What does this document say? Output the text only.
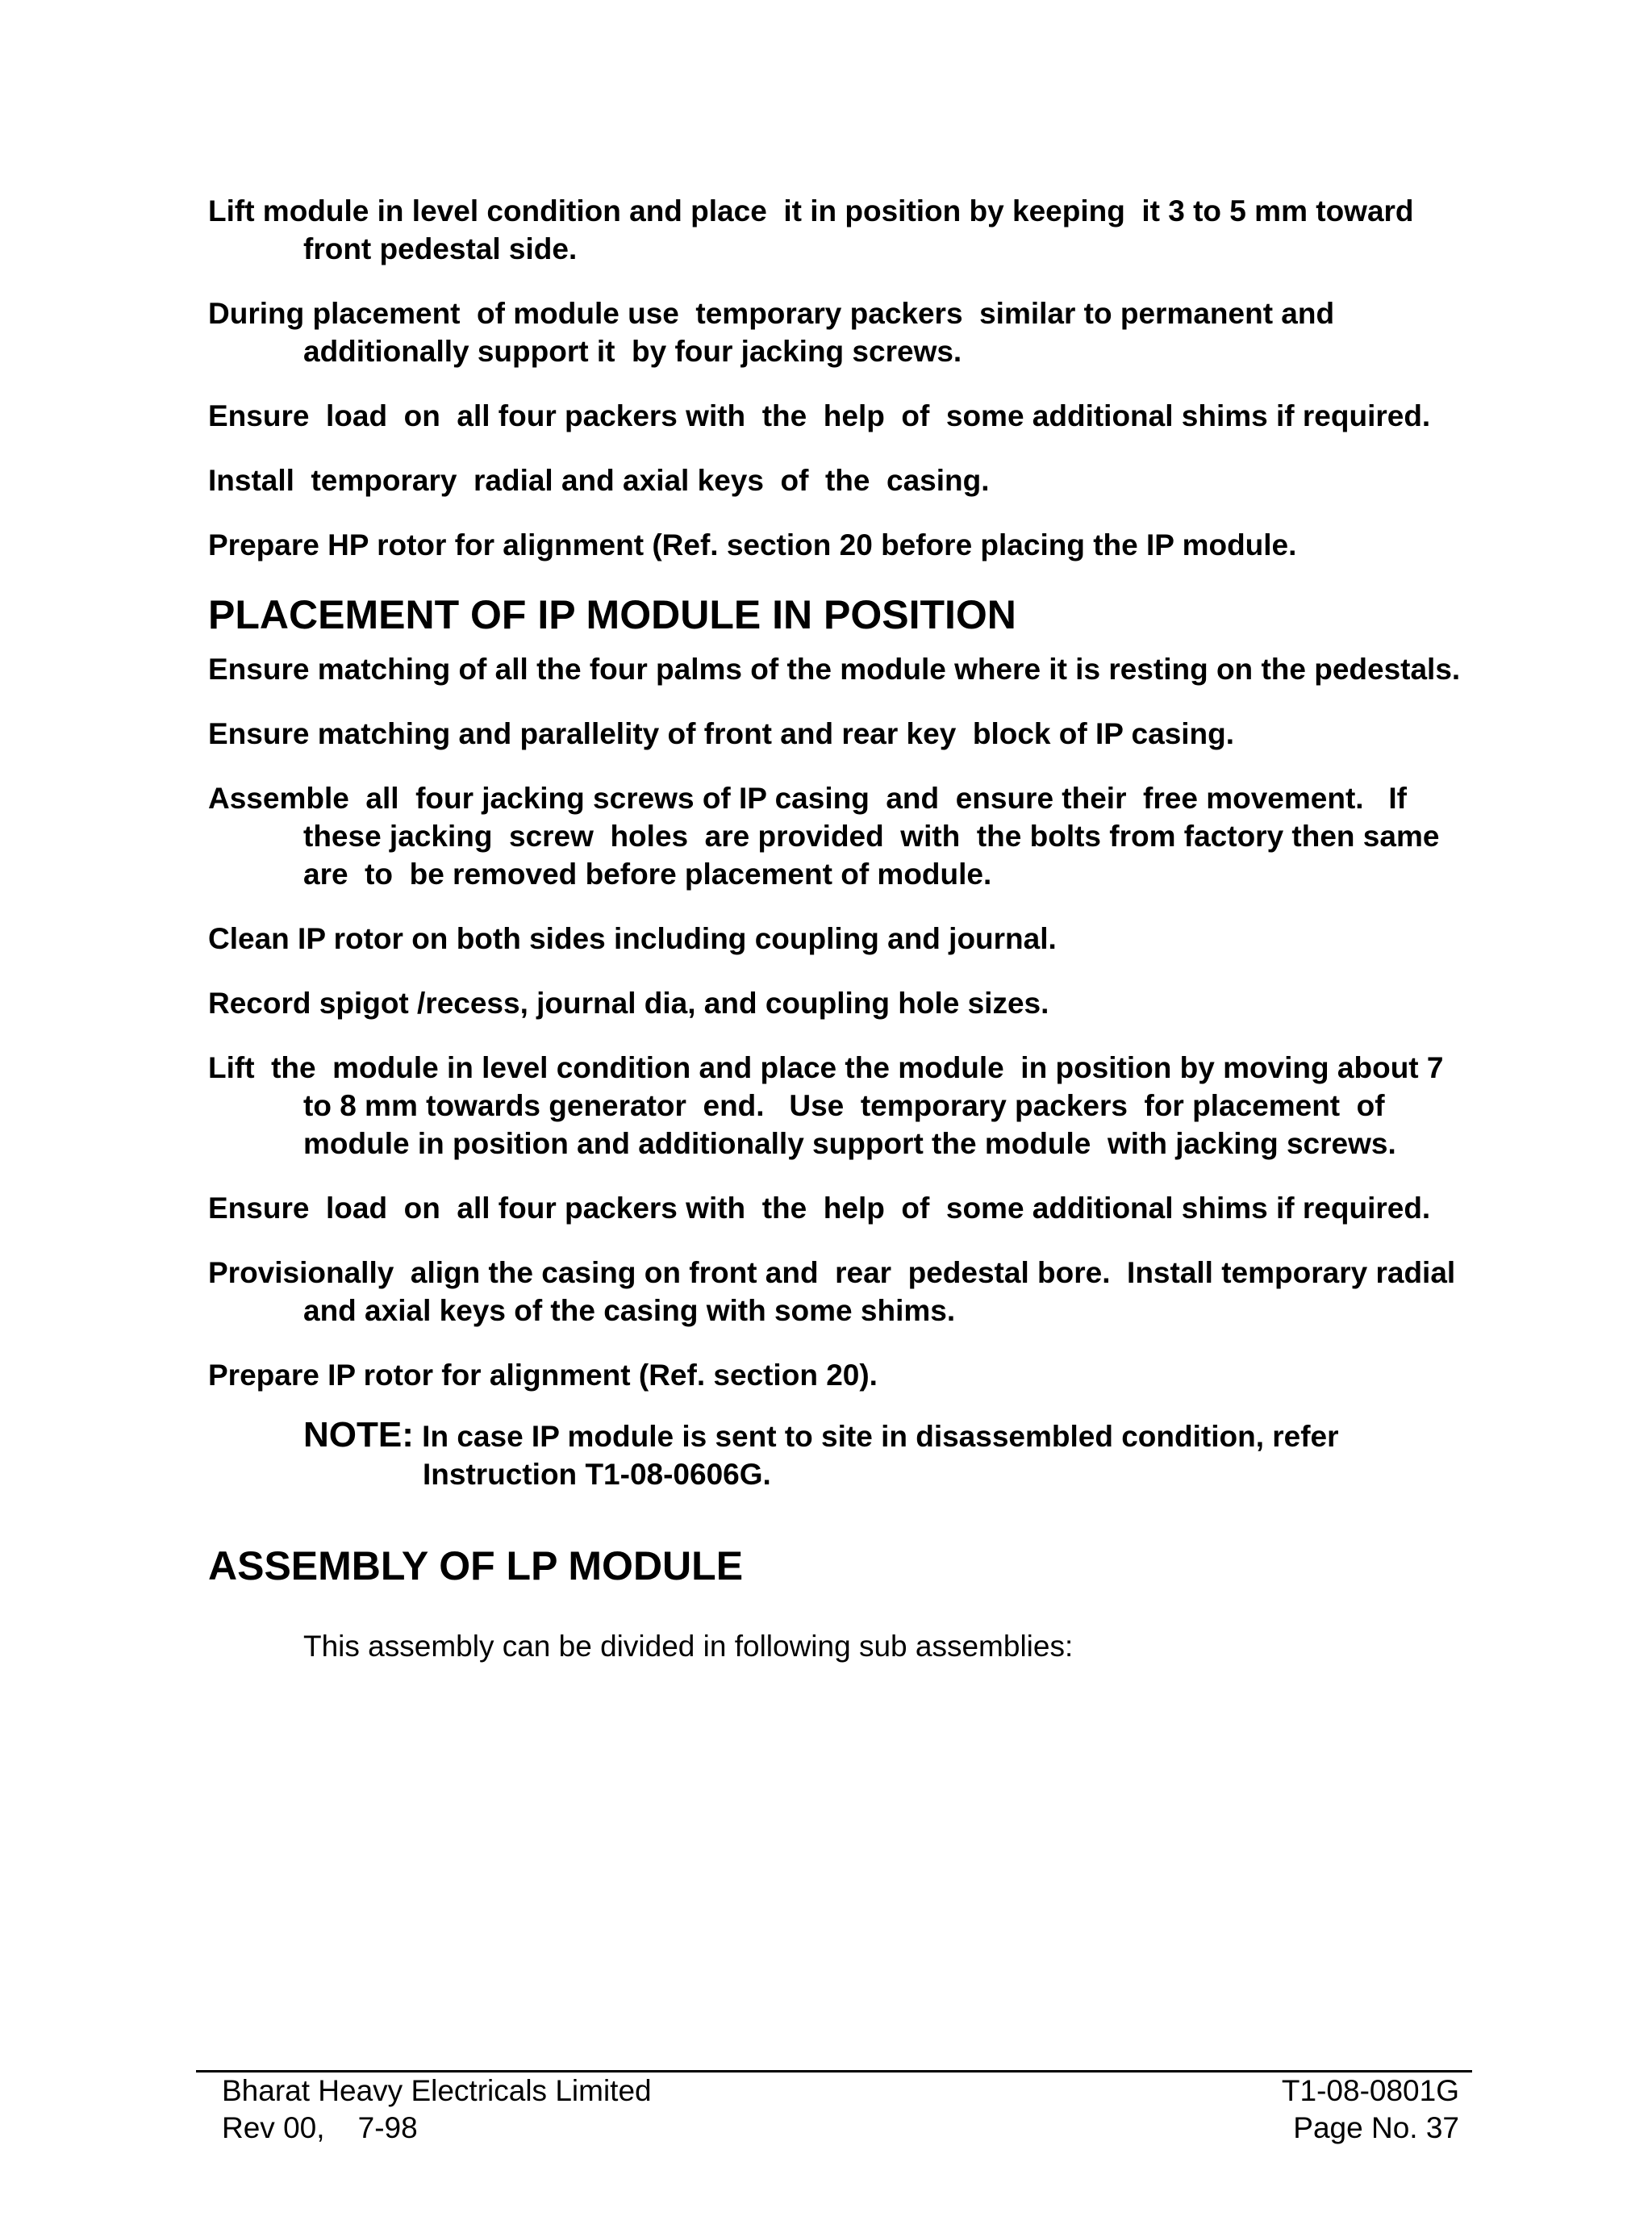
Lift module in level condition and place  it in position by keeping  it 3 to 5 mm toward front pedestal side.

During placement  of module use  temporary packers  similar to permanent and additionally support it  by four jacking screws.

Ensure  load  on  all four packers with  the  help  of  some additional shims if required.

Install  temporary  radial and axial keys  of  the  casing.

Prepare HP rotor for alignment (Ref. section 20 before placing the IP module.

PLACEMENT OF IP MODULE IN POSITION

Ensure matching of all the four palms of the module where it is resting on the pedestals.

Ensure matching and parallelity of front and rear key  block of IP casing.

Assemble  all  four jacking screws of IP casing  and  ensure their  free movement.   If these jacking  screw  holes  are provided  with  the bolts from factory then same are  to  be removed before placement of module.

Clean IP rotor on both sides including coupling and journal.

Record spigot /recess, journal dia, and coupling hole sizes.

Lift  the  module in level condition and place the module  in position by moving about 7 to 8 mm towards generator  end.   Use  temporary packers  for placement  of module in position and additionally support the module  with jacking screws.

Ensure  load  on  all four packers with  the  help  of  some additional shims if required.

Provisionally  align the casing on front and  rear  pedestal bore.  Install temporary radial and axial keys of the casing with some shims.

Prepare IP rotor for alignment (Ref. section 20).

NOTE: In case IP module is sent to site in disassembled condition, refer Instruction T1-08-0606G.

ASSEMBLY OF LP MODULE

This assembly can be divided in following sub assemblies:

Bharat Heavy Electricals Limited	T1-08-0801G
Rev 00,    7-98	Page No. 37
